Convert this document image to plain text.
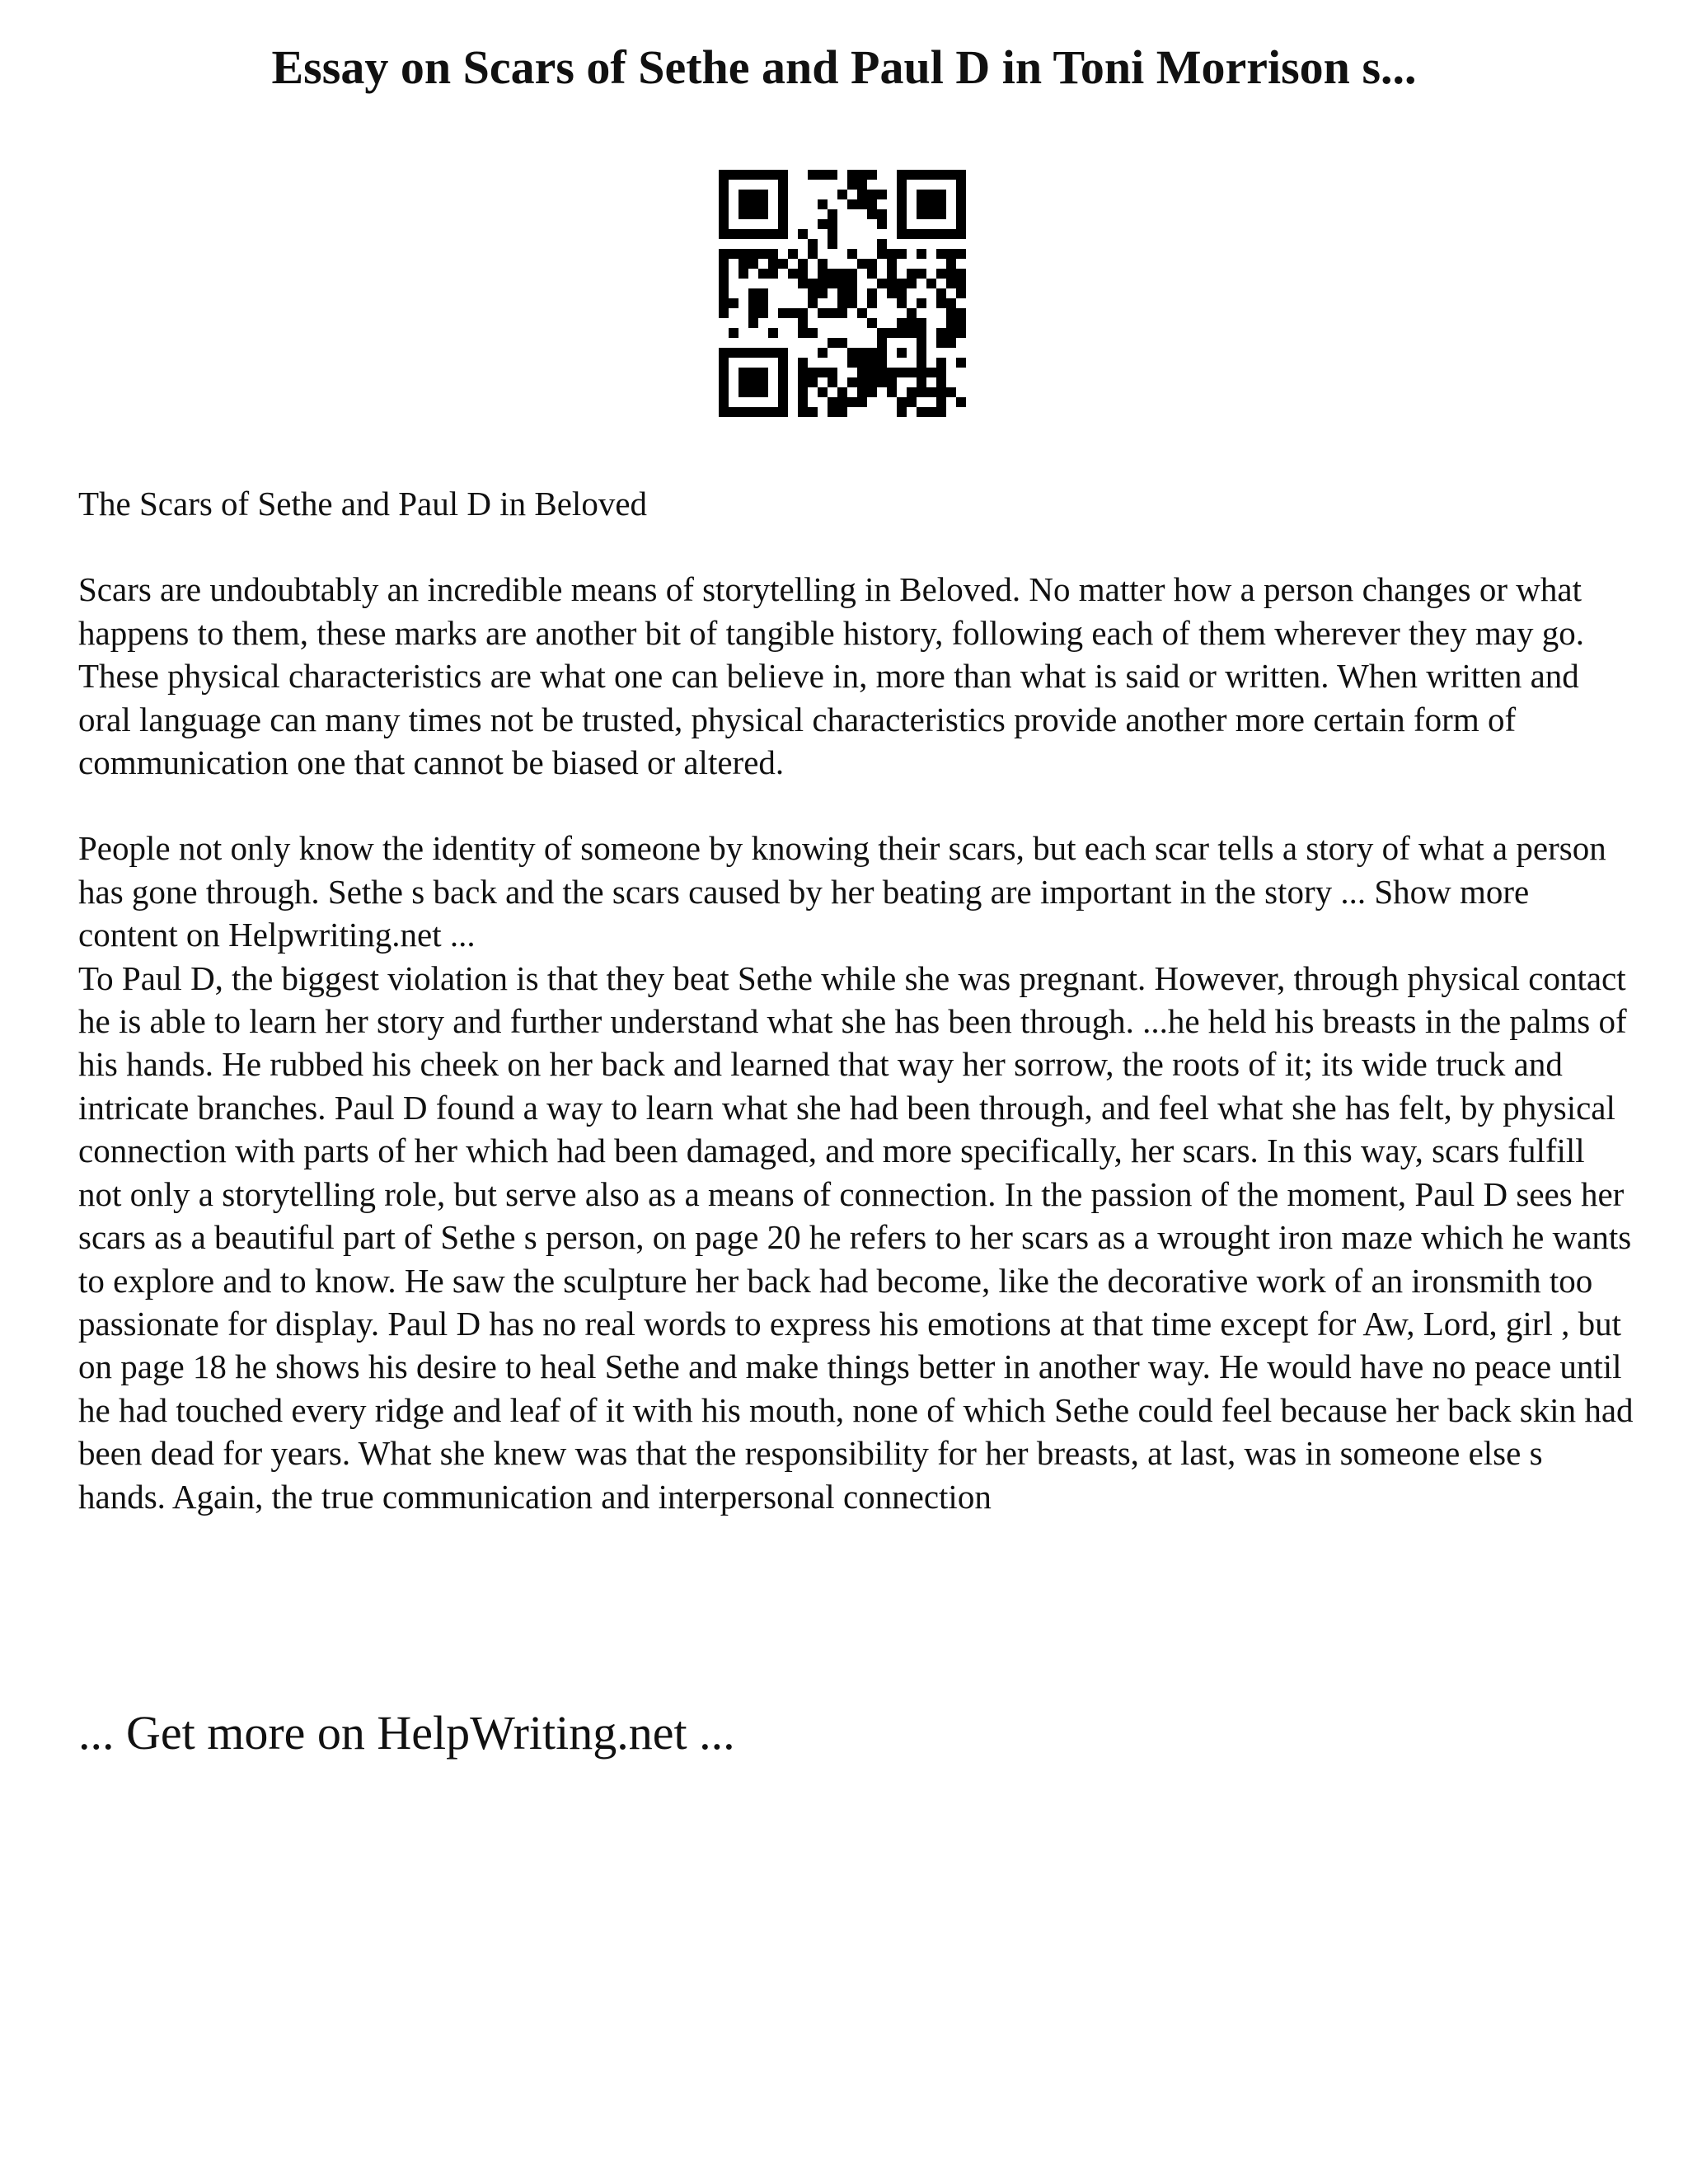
Essay on Scars of Sethe and Paul D in Toni Morrison s...

The Scars of Sethe and Paul D in Beloved

Scars are undoubtably an incredible means of storytelling in Beloved. No matter how a person changes or what happens to them, these marks are another bit of tangible history, following each of them wherever they may go. These physical characteristics are what one can believe in, more than what is said or written. When written and oral language can many times not be trusted, physical characteristics provide another more certain form of communication one that cannot be biased or altered.

People not only know the identity of someone by knowing their scars, but each scar tells a story of what a person has gone through. Sethe s back and the scars caused by her beating are important in the story ... Show more content on Helpwriting.net ...

To Paul D, the biggest violation is that they beat Sethe while she was pregnant. However, through physical contact he is able to learn her story and further understand what she has been through. ...he held his breasts in the palms of his hands. He rubbed his cheek on her back and learned that way her sorrow, the roots of it; its wide truck and intricate branches. Paul D found a way to learn what she had been through, and feel what she has felt, by physical connection with parts of her which had been damaged, and more specifically, her scars. In this way, scars fulfill not only a storytelling role, but serve also as a means of connection. In the passion of the moment, Paul D sees her scars as a beautiful part of Sethe s person, on page 20 he refers to her scars as a wrought iron maze which he wants to explore and to know. He saw the sculpture her back had become, like the decorative work of an ironsmith too passionate for display. Paul D has no real words to express his emotions at that time except for Aw, Lord, girl , but on page 18 he shows his desire to heal Sethe and make things better in another way. He would have no peace until he had touched every ridge and leaf of it with his mouth, none of which Sethe could feel because her back skin had been dead for years. What she knew was that the responsibility for her breasts, at last, was in someone else s hands. Again, the true communication and interpersonal connection

... Get more on HelpWriting.net ...
